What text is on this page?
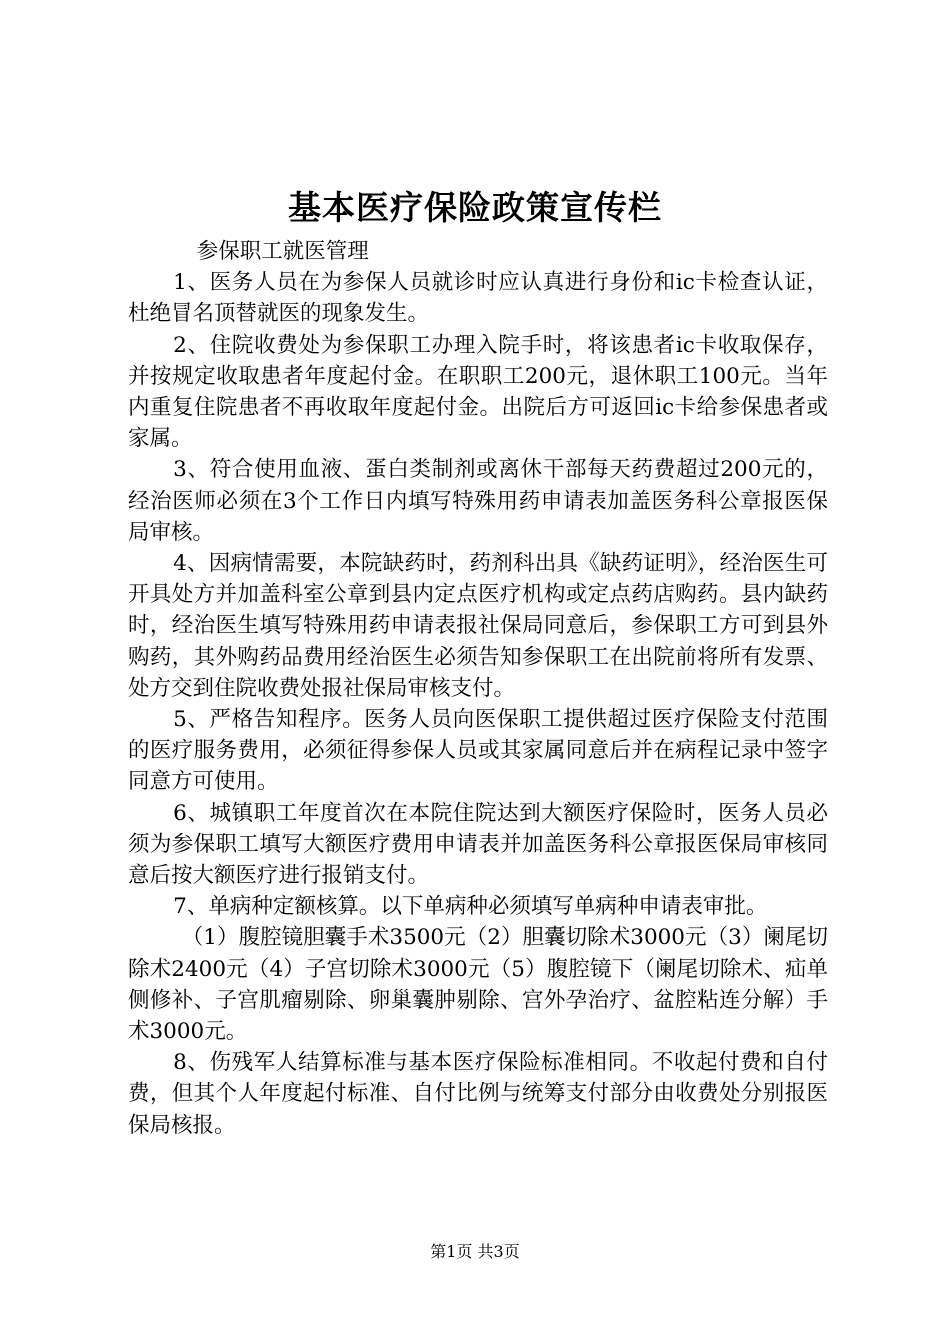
基本医疗保险政策宣传栏

参保职工就医管理

1、医务人员在为参保人员就诊时应认真进行身份和ic卡检查认证，杜绝冒名顶替就医的现象发生。

2、住院收费处为参保职工办理入院手时，将该患者ic卡收取保存，并按规定收取患者年度起付金。在职职工200元，退休职工100元。当年内重复住院患者不再收取年度起付金。出院后方可返回ic卡给参保患者或家属。

3、符合使用血液、蛋白类制剂或离休干部每天药费超过200元的，经治医师必须在3个工作日内填写特殊用药申请表加盖医务科公章报医保局审核。

4、因病情需要，本院缺药时，药剂科出具《缺药证明》，经治医生可开具处方并加盖科室公章到县内定点医疗机构或定点药店购药。县内缺药时，经治医生填写特殊用药申请表报社保局同意后，参保职工方可到县外购药，其外购药品费用经治医生必须告知参保职工在出院前将所有发票、处方交到住院收费处报社保局审核支付。

5、严格告知程序。医务人员向医保职工提供超过医疗保险支付范围的医疗服务费用，必须征得参保人员或其家属同意后并在病程记录中签字同意方可使用。

6、城镇职工年度首次在本院住院达到大额医疗保险时，医务人员必须为参保职工填写大额医疗费用申请表并加盖医务科公章报医保局审核同意后按大额医疗进行报销支付。

7、单病种定额核算。以下单病种必须填写单病种申请表审批。

（1）腹腔镜胆囊手术3500元（2）胆囊切除术3000元（3）阑尾切除术2400元（4）子宫切除术3000元（5）腹腔镜下（阑尾切除术、疝单侧修补、子宫肌瘤剔除、卵巢囊肿剔除、宫外孕治疗、盆腔粘连分解）手术3000元。

8、伤残军人结算标准与基本医疗保险标准相同。不收起付费和自付费，但其个人年度起付标准、自付比例与统筹支付部分由收费处分别报医保局核报。

第1页 共3页
